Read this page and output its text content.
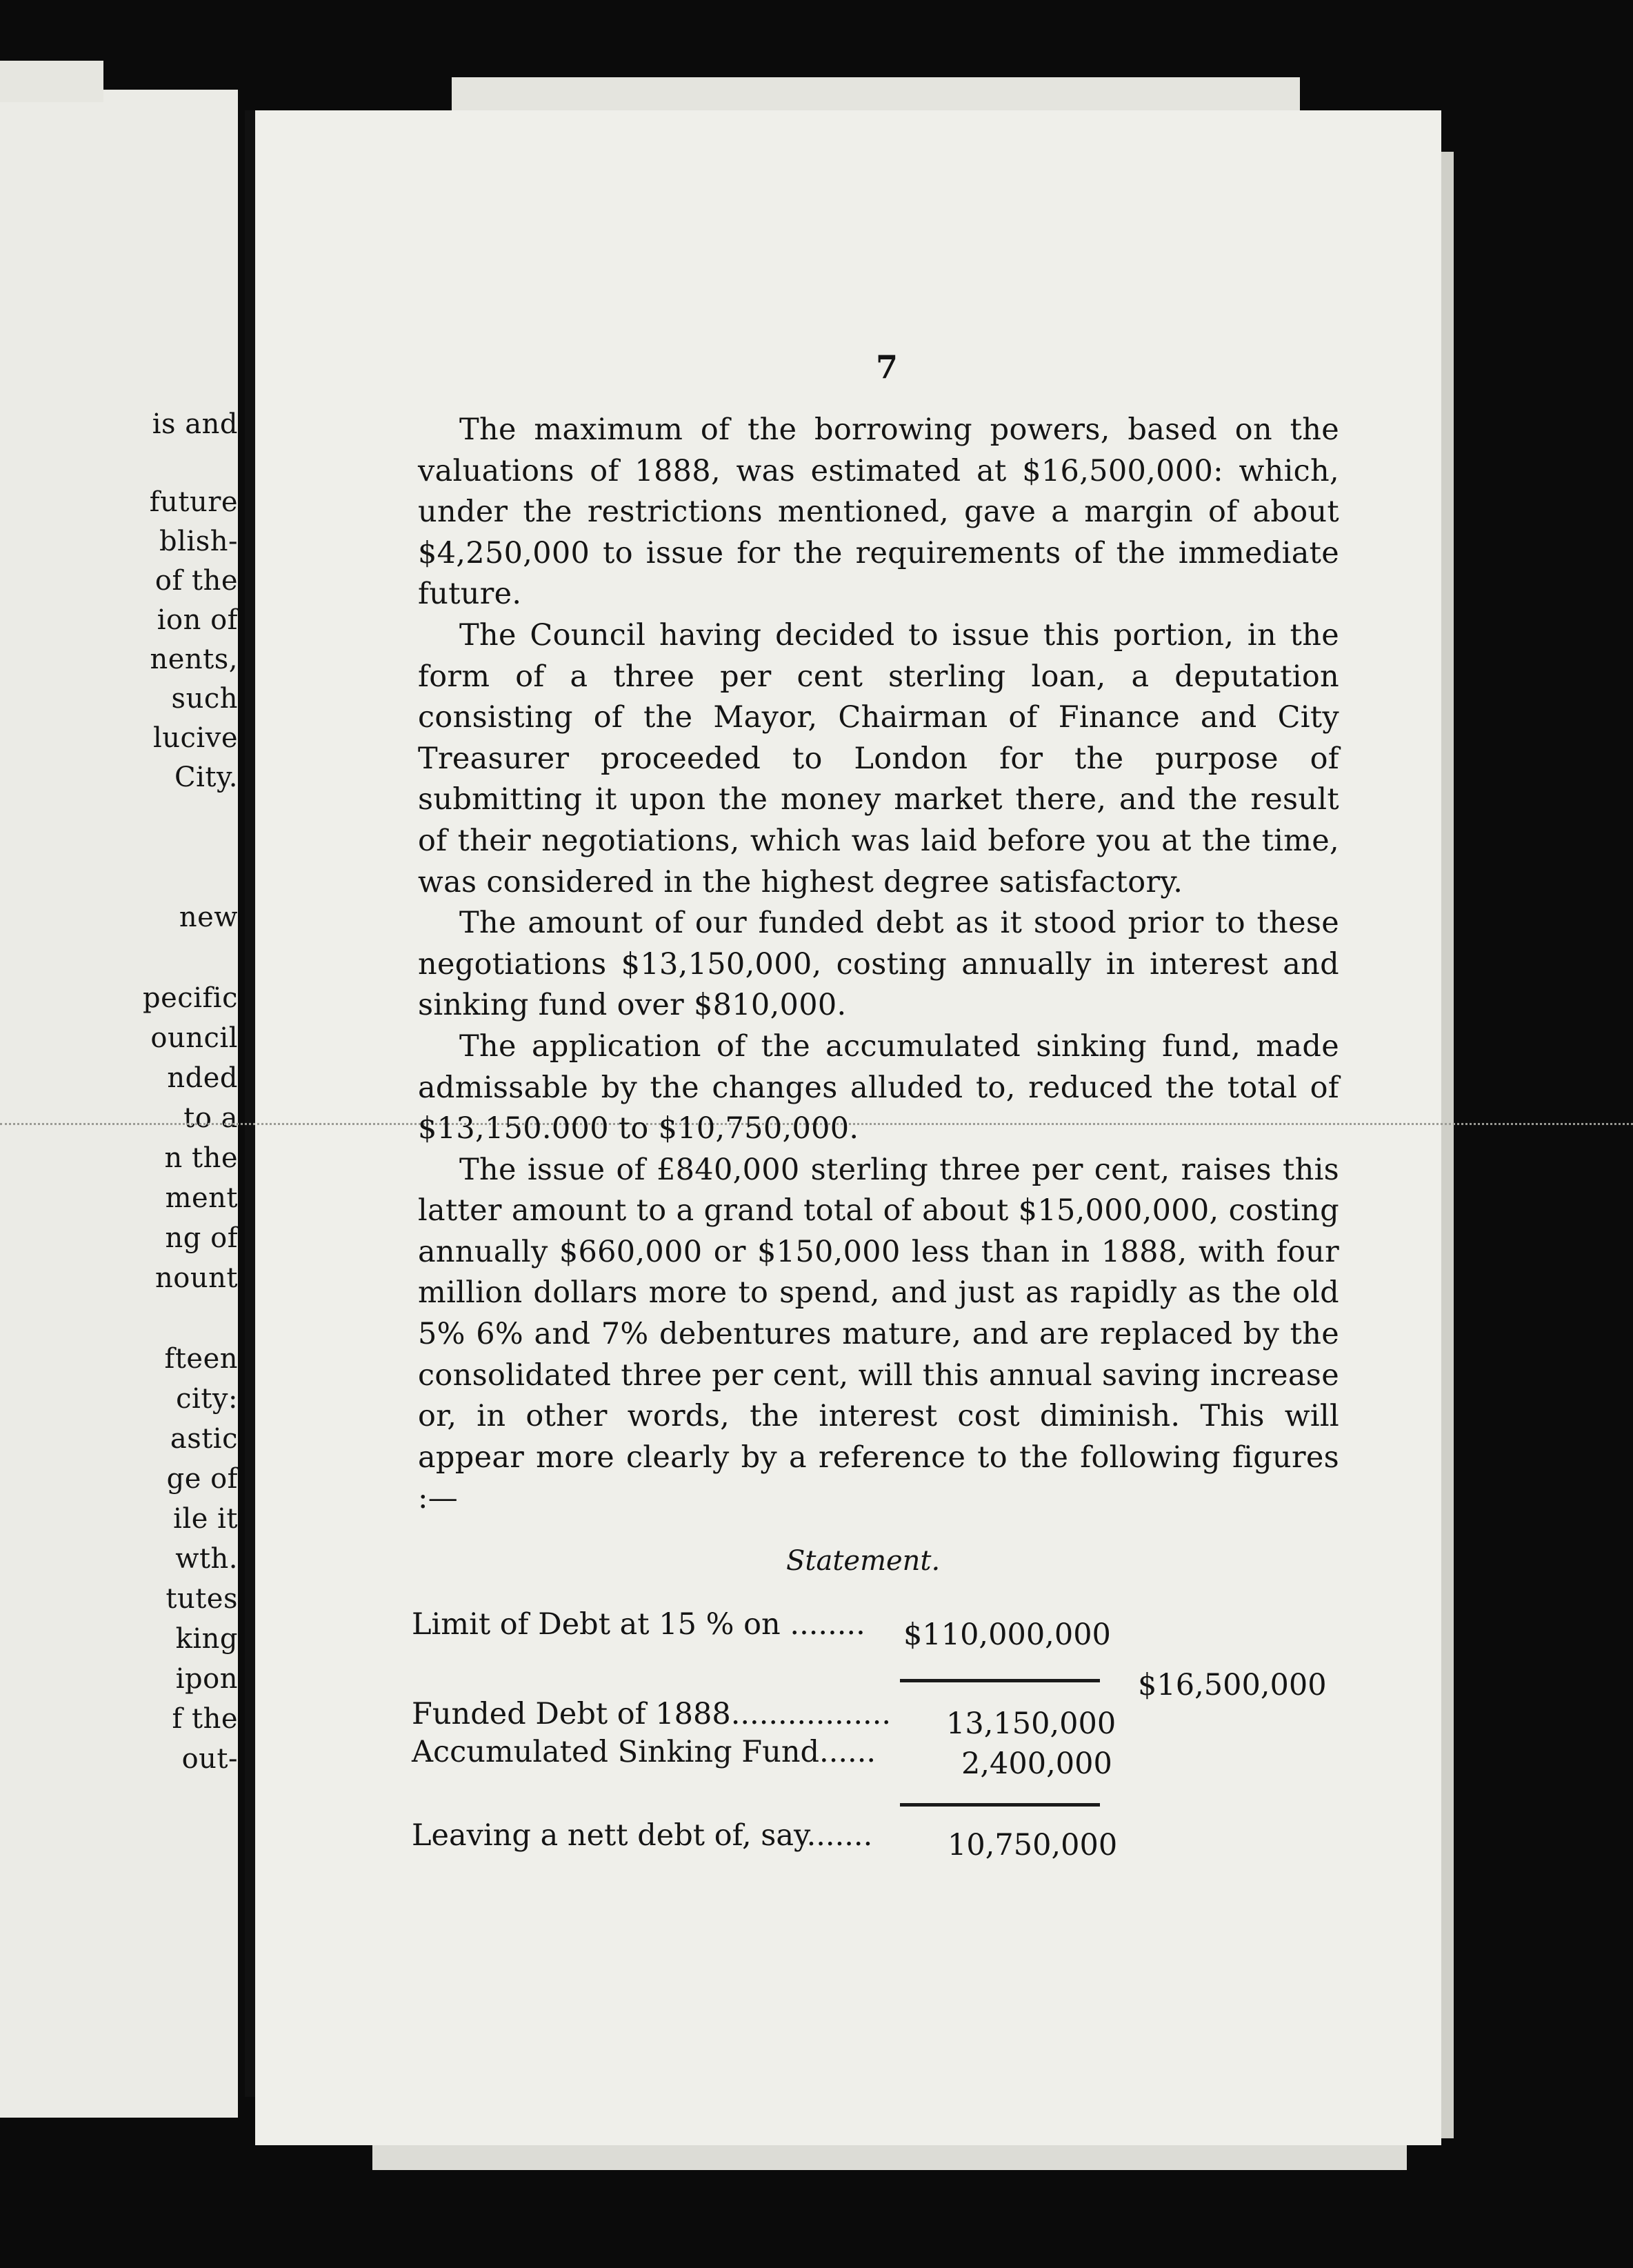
is and
future
blish-
of the
ion of
nents,
such
lucive
City.
new
pecific
ouncil
nded
to a
n the
ment
ng of
nount
fteen
city:
astic
ge of
ile it
wth.
tutes
king
ipon
f the
out-
7

The maximum of the borrowing powers, based on the valuations of 1888, was estimated at $16,500,000: which, under the restrictions mentioned, gave a margin of about $4,250,000 to issue for the requirements of the immediate future.

The Council having decided to issue this portion, in the form of a three per cent sterling loan, a deputation consisting of the Mayor, Chairman of Finance and City Treasurer proceeded to London for the purpose of submitting it upon the money market there, and the result of their negotiations, which was laid before you at the time, was considered in the highest degree satisfactory.

The amount of our funded debt as it stood prior to these negotiations $13,150,000, costing annually in interest and sinking fund over $810,000.

The application of the accumulated sinking fund, made admissable by the changes alluded to, reduced the total of $13,150.000 to $10,750,000.

The issue of £840,000 sterling three per cent, raises this latter amount to a grand total of about $15,000,000, costing annually $660,000 or $150,000 less than in 1888, with four million dollars more to spend, and just as rapidly as the old 5% 6% and 7% debentures mature, and are replaced by the consolidated three per cent, will this annual saving increase or, in other words, the interest cost diminish. This will appear more clearly by a reference to the following figures :—

Statement.
Limit of Debt at 15 % on ........ $110,000,000
$16,500,000
Funded Debt of 1888................. 13,150,000
Accumulated Sinking Fund......	2,400,000
Leaving a nett debt of, say.......	10,750,000
